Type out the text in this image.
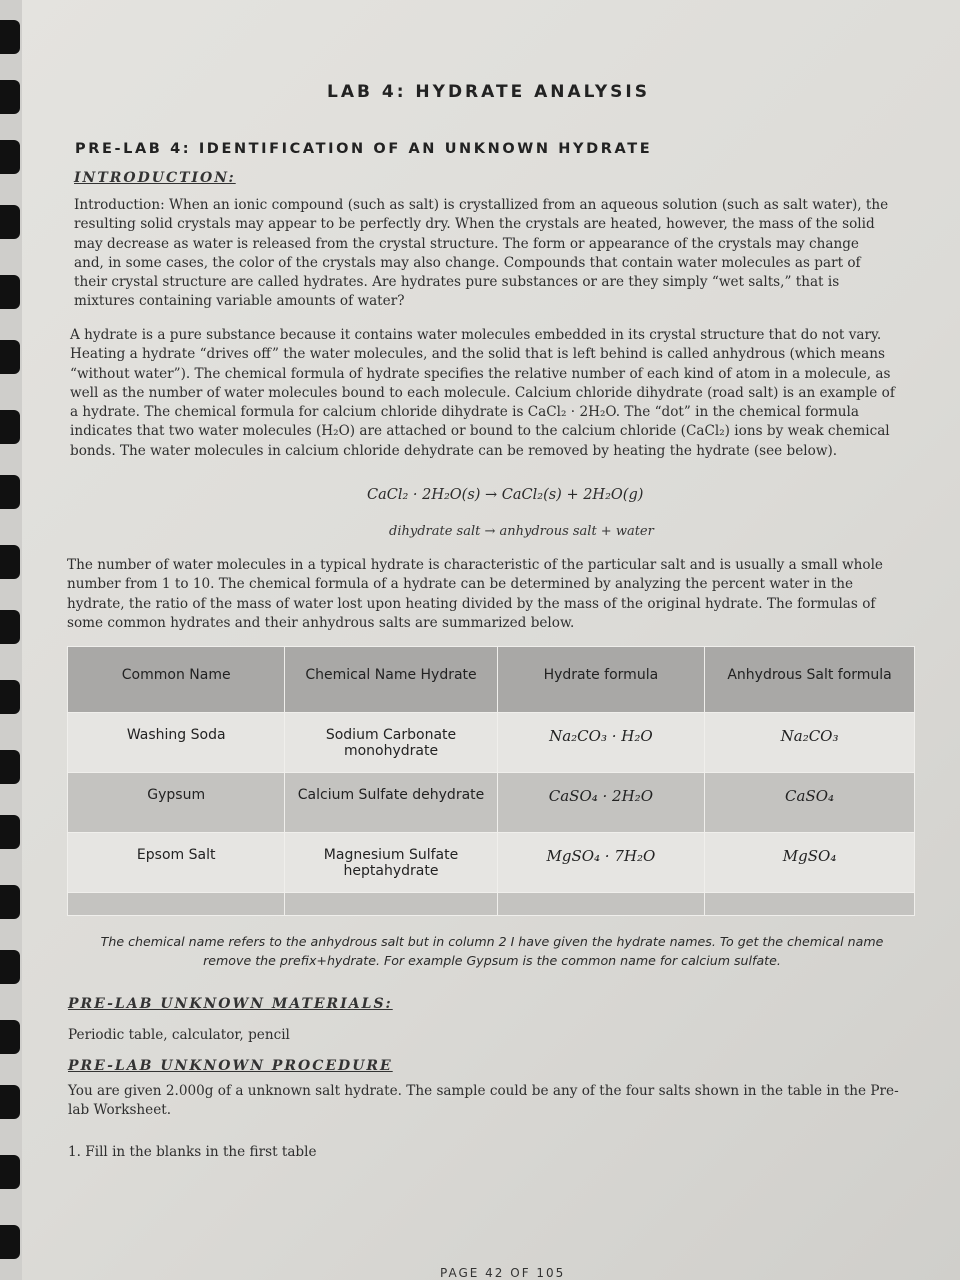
LAB 4: HYDRATE ANALYSIS
PRE-LAB 4: IDENTIFICATION OF AN UNKNOWN HYDRATE
INTRODUCTION:
Introduction: When an ionic compound (such as salt) is crystallized from an aqueous solution (such as salt water), the resulting solid crystals may appear to be perfectly dry. When the crystals are heated, however, the mass of the solid may decrease as water is released from the crystal structure. The form or appearance of the crystals may change and, in some cases, the color of the crystals may also change. Compounds that contain water molecules as part of their crystal structure are called hydrates. Are hydrates pure substances or are they simply “wet salts,” that is mixtures containing variable amounts of water?
A hydrate is a pure substance because it contains water molecules embedded in its crystal structure that do not vary. Heating a hydrate “drives off” the water molecules, and the solid that is left behind is called anhydrous (which means “without water”). The chemical formula of hydrate specifies the relative number of each kind of atom in a molecule, as well as the number of water molecules bound to each molecule. Calcium chloride dihydrate (road salt) is an example of a hydrate. The chemical formula for calcium chloride dihydrate is CaCl₂ · 2H₂O. The “dot” in the chemical formula indicates that two water molecules (H₂O) are attached or bound to the calcium chloride (CaCl₂) ions by weak chemical bonds. The water molecules in calcium chloride dehydrate can be removed by heating the hydrate (see below).
CaCl₂ · 2H₂O(s) → CaCl₂(s) + 2H₂O(g)
dihydrate salt → anhydrous salt + water
The number of water molecules in a typical hydrate is characteristic of the particular salt and is usually a small whole number from 1 to 10. The chemical formula of a hydrate can be determined by analyzing the percent water in the hydrate, the ratio of the mass of water lost upon heating divided by the mass of the original hydrate. The formulas of some common hydrates and their anhydrous salts are summarized below.
Common Name	Chemical Name Hydrate	Hydrate formula	Anhydrous Salt formula
Washing Soda	Sodium Carbonate monohydrate	Na₂CO₃ · H₂O	Na₂CO₃
Gypsum	Calcium Sulfate dehydrate	CaSO₄ · 2H₂O	CaSO₄
Epsom Salt	Magnesium Sulfate heptahydrate	MgSO₄ · 7H₂O	MgSO₄

The chemical name refers to the anhydrous salt but in column 2 I have given the hydrate names. To get the chemical name
remove the prefix+hydrate. For example Gypsum is the common name for calcium sulfate.
PRE-LAB UNKNOWN MATERIALS:
Periodic table, calculator, pencil
PRE-LAB UNKNOWN PROCEDURE
You are given 2.000g of a unknown salt hydrate. The sample could be any of the four salts shown in the table in the Pre-lab Worksheet.
1. Fill in the blanks in the first table
PAGE 42 OF 105
